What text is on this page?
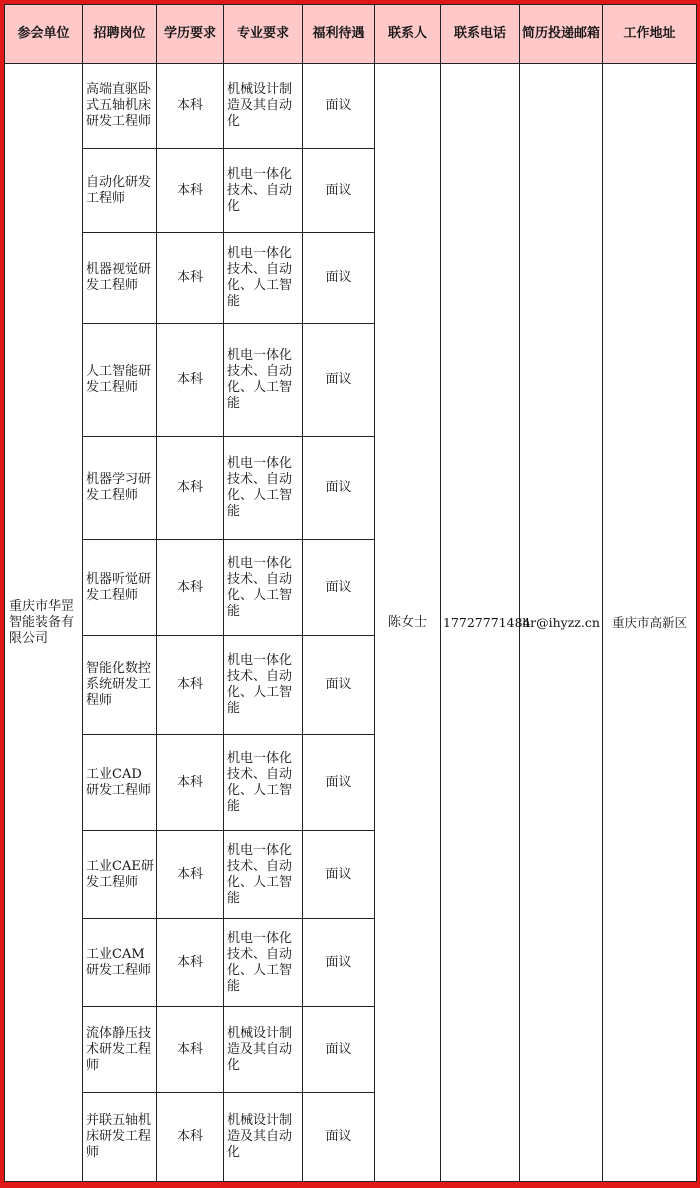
参会单位	招聘岗位	学历要求	专业要求	福利待遇	联系人	联系电话	简历投递邮箱	工作地址
重庆市华罡智能装备有限公司	高端直驱卧式五轴机床研发工程师	本科	机械设计制造及其自动化	面议	陈女士	17727771484	hr@ihyzz.cn	重庆市高新区
	自动化研发工程师	本科	机电一体化技术、自动化	面议				
	机器视觉研发工程师	本科	机电一体化技术、自动化、人工智能	面议				
	人工智能研发工程师	本科	机电一体化技术、自动化、人工智能	面议				
	机器学习研发工程师	本科	机电一体化技术、自动化、人工智能	面议				
	机器听觉研发工程师	本科	机电一体化技术、自动化、人工智能	面议				
	智能化数控系统研发工程师	本科	机电一体化技术、自动化、人工智能	面议				
	工业CAD研发工程师	本科	机电一体化技术、自动化、人工智能	面议				
	工业CAE研发工程师	本科	机电一体化技术、自动化、人工智能	面议				
	工业CAM研发工程师	本科	机电一体化技术、自动化、人工智能	面议				
	流体静压技术研发工程师	本科	机械设计制造及其自动化	面议				
	并联五轴机床研发工程师	本科	机械设计制造及其自动化	面议				
